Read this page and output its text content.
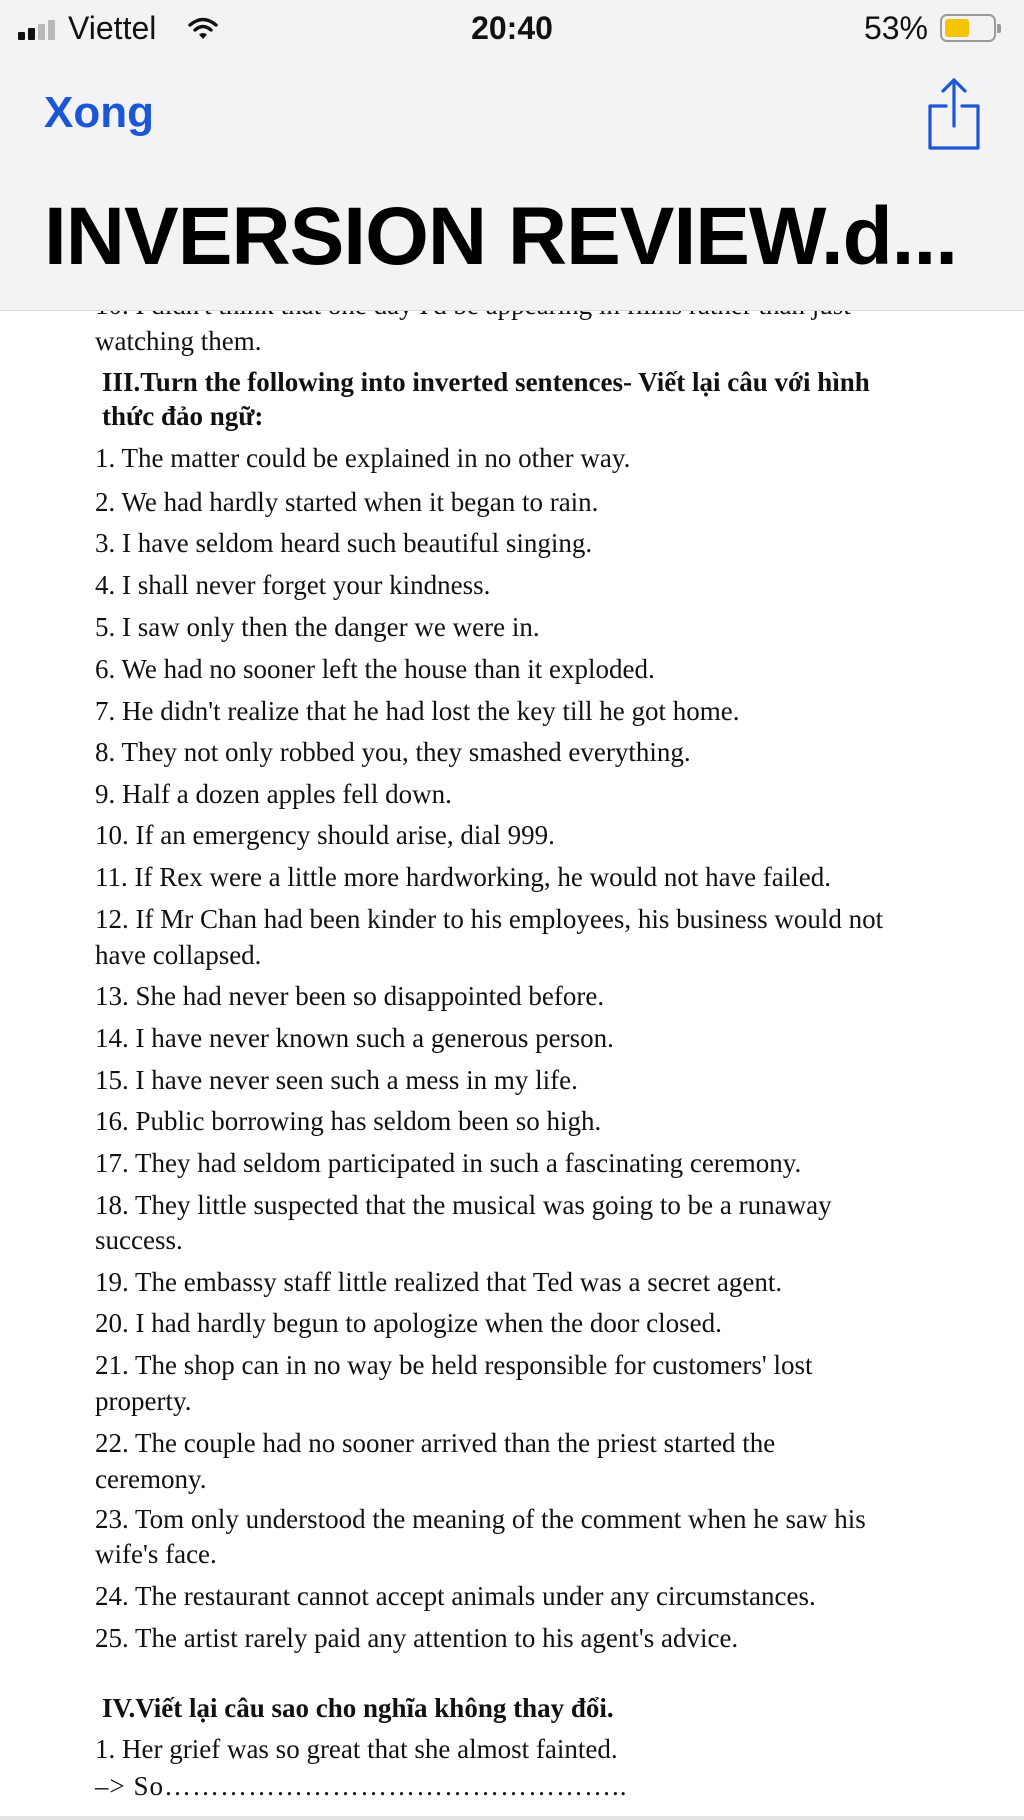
watching them.
III.Turn the following into inverted sentences- Viết lại câu với hình
thức đảo ngữ:
1. The matter could be explained in no other way.
2. We had hardly started when it began to rain.
3. I have seldom heard such beautiful singing.
4. I shall never forget your kindness.
5. I saw only then the danger we were in.
6. We had no sooner left the house than it exploded.
7. He didn't realize that he had lost the key till he got home.
8. They not only robbed you, they smashed everything.
9. Half a dozen apples fell down.
10. If an emergency should arise, dial 999.
11. If Rex were a little more hardworking, he would not have failed.
12. If Mr Chan had been kinder to his employees, his business would not
have collapsed.
13. She had never been so disappointed before.
14. I have never known such a generous person.
15. I have never seen such a mess in my life.
16. Public borrowing has seldom been so high.
17. They had seldom participated in such a fascinating ceremony.
18. They little suspected that the musical was going to be a runaway
success.
19. The embassy staff little realized that Ted was a secret agent.
20. I had hardly begun to apologize when the door closed.
21. The shop can in no way be held responsible for customers' lost
property.
22. The couple had no sooner arrived than the priest started the
ceremony.
23. Tom only understood the meaning of the comment when he saw his
wife's face.
24. The restaurant cannot accept animals under any circumstances.
25. The artist rarely paid any attention to his agent's advice.
IV.Viết lại câu sao cho nghĩa không thay đổi.
1. Her grief was so great that she almost fainted.
–> So…………………………………………..
Viettel	20:40	53%
Xong
INVERSION REVIEW.d...
